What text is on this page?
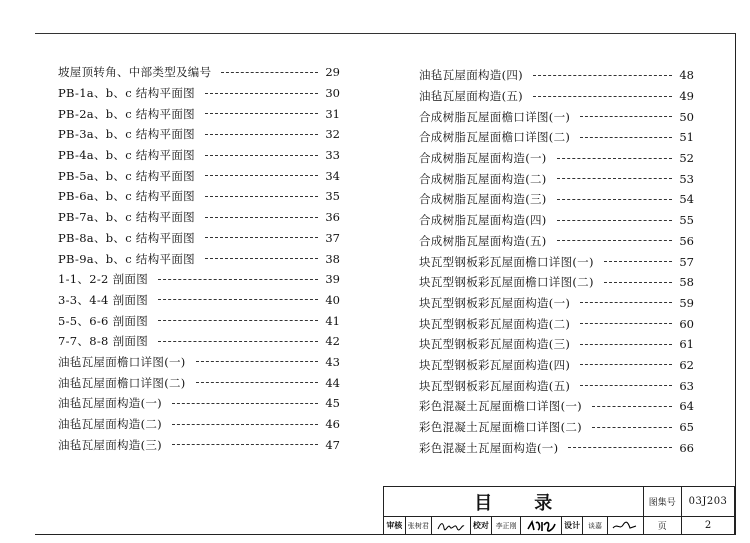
坡屋顶转角、中部类型及编号	29
PB-1a、b、c 结构平面图	30
PB-2a、b、c 结构平面图	31
PB-3a、b、c 结构平面图	32
PB-4a、b、c 结构平面图	33
PB-5a、b、c 结构平面图	34
PB-6a、b、c 结构平面图	35
PB-7a、b、c 结构平面图	36
PB-8a、b、c 结构平面图	37
PB-9a、b、c 结构平面图	38
1-1、2-2 剖面图	39
3-3、4-4 剖面图	40
5-5、6-6 剖面图	41
7-7、8-8 剖面图	42
油毡瓦屋面檐口详图(一)	43
油毡瓦屋面檐口详图(二)	44
油毡瓦屋面构造(一)	45
油毡瓦屋面构造(二)	46
油毡瓦屋面构造(三)	47
油毡瓦屋面构造(四)	48
油毡瓦屋面构造(五)	49
合成树脂瓦屋面檐口详图(一)	50
合成树脂瓦屋面檐口详图(二)	51
合成树脂瓦屋面构造(一)	52
合成树脂瓦屋面构造(二)	53
合成树脂瓦屋面构造(三)	54
合成树脂瓦屋面构造(四)	55
合成树脂瓦屋面构造(五)	56
块瓦型钢板彩瓦屋面檐口详图(一)	57
块瓦型钢板彩瓦屋面檐口详图(二)	58
块瓦型钢板彩瓦屋面构造(一)	59
块瓦型钢板彩瓦屋面构造(二)	60
块瓦型钢板彩瓦屋面构造(三)	61
块瓦型钢板彩瓦屋面构造(四)	62
块瓦型钢板彩瓦屋面构造(五)	63
彩色混凝土瓦屋面檐口详图(一)	64
彩色混凝土瓦屋面檐口详图(二)	65
彩色混凝土瓦屋面构造(一)	66
目录									图集号	03J203
审核	张树君		校对	李正刚		设计	谈嘉		页	2
